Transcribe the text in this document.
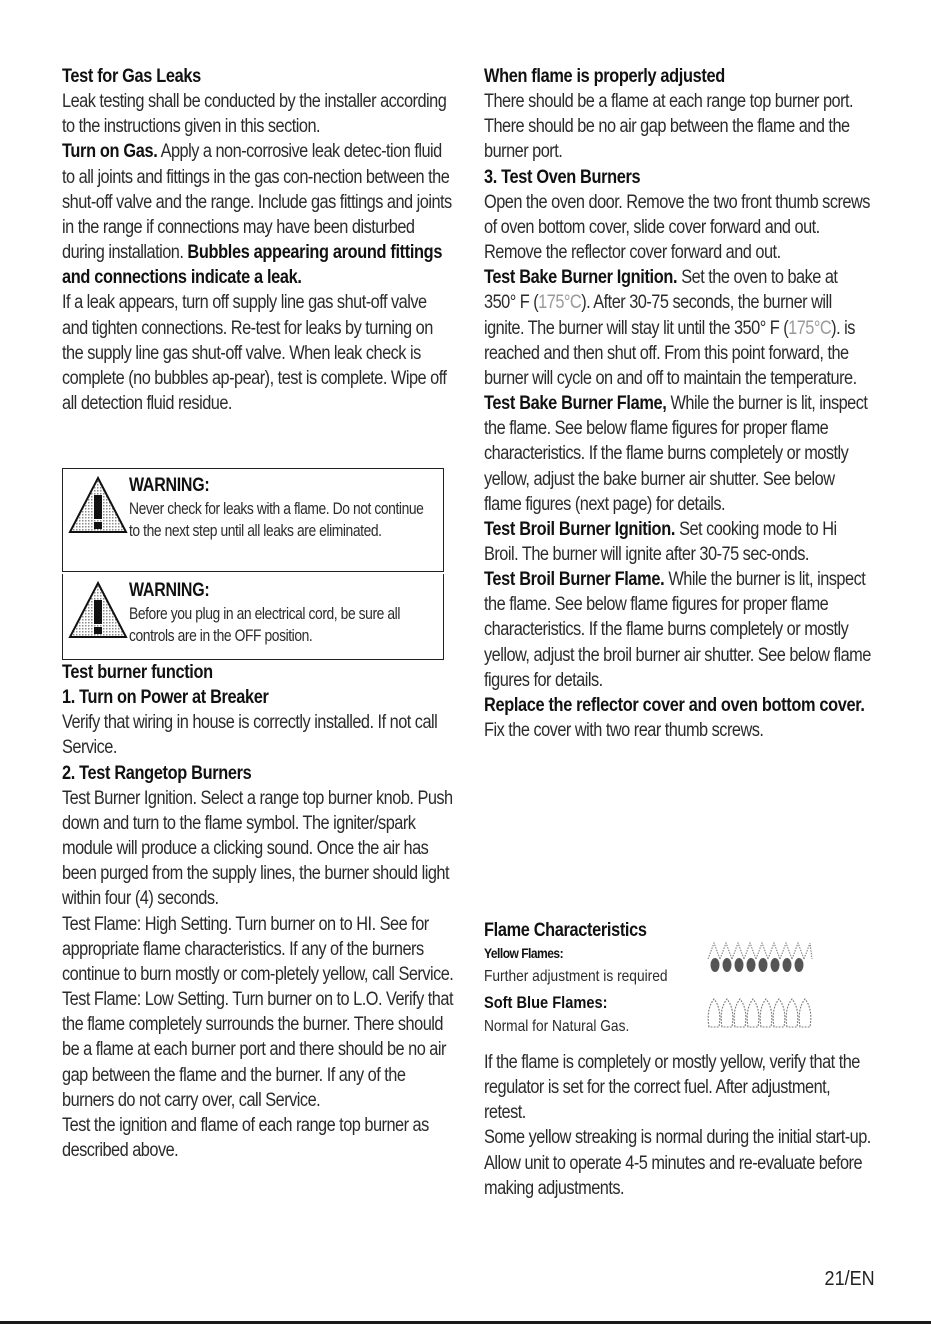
Test for Gas Leaks

Leak testing shall be conducted by the installer according to the instructions given in this section.

Turn on Gas. Apply a non-corrosive leak detec-tion fluid to all joints and fittings in the gas con-nection between the shut-off valve and the range. Include gas fittings and joints in the range if connections may have been disturbed during installation. Bubbles appearing around fittings and connections indicate a leak.

If a leak appears, turn off supply line gas shut-off valve and tighten connections. Re-test for leaks by turning on the supply line gas shut-off valve. When leak check is complete (no bubbles ap-pear), test is complete. Wipe off all detection fluid residue.

WARNING:
Never check for leaks with a flame. Do not continue to the next step until all leaks are eliminated.
WARNING:
Before you plug in an electrical cord, be sure all controls are in the OFF position.

Test burner function

1. Turn on Power at Breaker

Verify that wiring in house is correctly installed. If not call Service.

2. Test Rangetop Burners

Test Burner Ignition. Select a range top burner knob. Push down and turn to the flame symbol. The igniter/spark module will produce a clicking sound. Once the air has been purged from the supply lines, the burner should light within four (4) seconds.

Test Flame: High Setting. Turn burner on to HI. See for appropriate flame characteristics. If any of the burners continue to burn mostly or com-pletely yellow, call Service.

Test Flame: Low Setting. Turn burner on to L.O. Verify that the flame completely surrounds the burner. There should be a flame at each burner port and there should be no air gap between the flame and the burner. If any of the burners do not carry over, call Service.

Test the ignition and flame of each range top burner as described above.

When flame is properly adjusted

There should be a flame at each range top burner port.

There should be no air gap between the flame and the burner port.

3. Test Oven Burners

Open the oven door. Remove the two front thumb screws of oven bottom cover, slide cover forward and out. Remove the reflector cover forward and out.

Test Bake Burner Ignition. Set the oven to bake at 350° F (175°C). After 30-75 seconds, the burner will ignite. The burner will stay lit until the 350° F (175°C). is reached and then shut off. From this point forward, the burner will cycle on and off to maintain the temperature.

Test Bake Burner Flame, While the burner is lit, inspect the flame. See below flame figures for proper flame characteristics. If the flame burns completely or mostly yellow, adjust the bake burner air shutter. See below flame figures (next page) for details.

Test Broil Burner Ignition. Set cooking mode to Hi Broil. The burner will ignite after 30-75 sec-onds.

Test Broil Burner Flame. While the burner is lit, inspect the flame. See below flame figures for proper flame characteristics. If the flame burns completely or mostly yellow, adjust the broil burner air shutter. See below flame figures for details.

Replace the reflector cover and oven bottom cover. Fix the cover with two rear thumb screws.

Flame Characteristics

Yellow Flames:
Further adjustment is required
Soft Blue Flames:
Normal for Natural Gas.

If the flame is completely or mostly yellow, verify that the regulator is set for the correct fuel. After adjustment, retest.

Some yellow streaking is normal during the initial start-up. Allow unit to operate 4-5 minutes and re-evaluate before making adjustments.

21/EN
